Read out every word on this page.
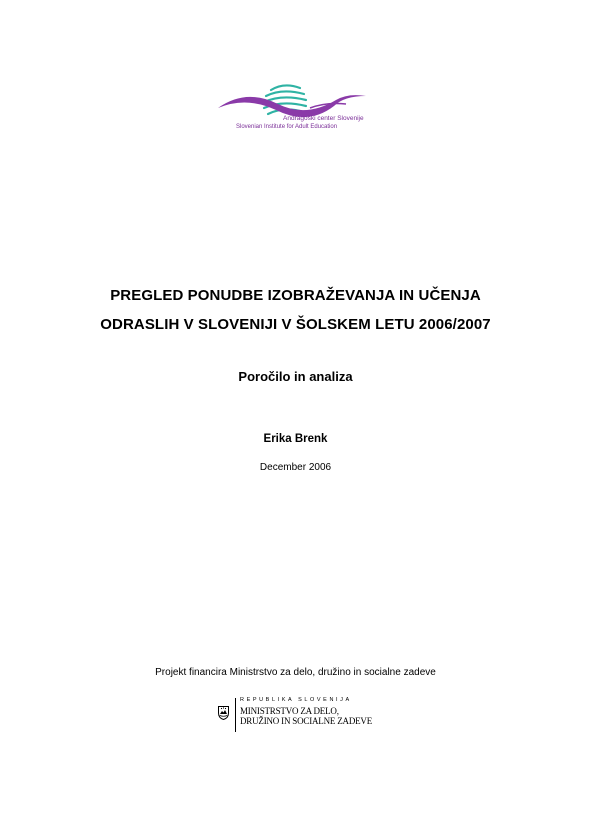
Andragoški center Slovenije
Slovenian Institute for Adult Education
PREGLED PONUDBE IZOBRAŽEVANJA IN UČENJA
ODRASLIH V SLOVENIJI V ŠOLSKEM LETU 2006/2007
Poročilo in analiza
Erika Brenk
December 2006
Projekt financira Ministrstvo za delo, družino in socialne zadeve
REPUBLIKA SLOVENIJA
MINISTRSTVO ZA DELO,
DRUŽINO IN SOCIALNE ZADEVE
